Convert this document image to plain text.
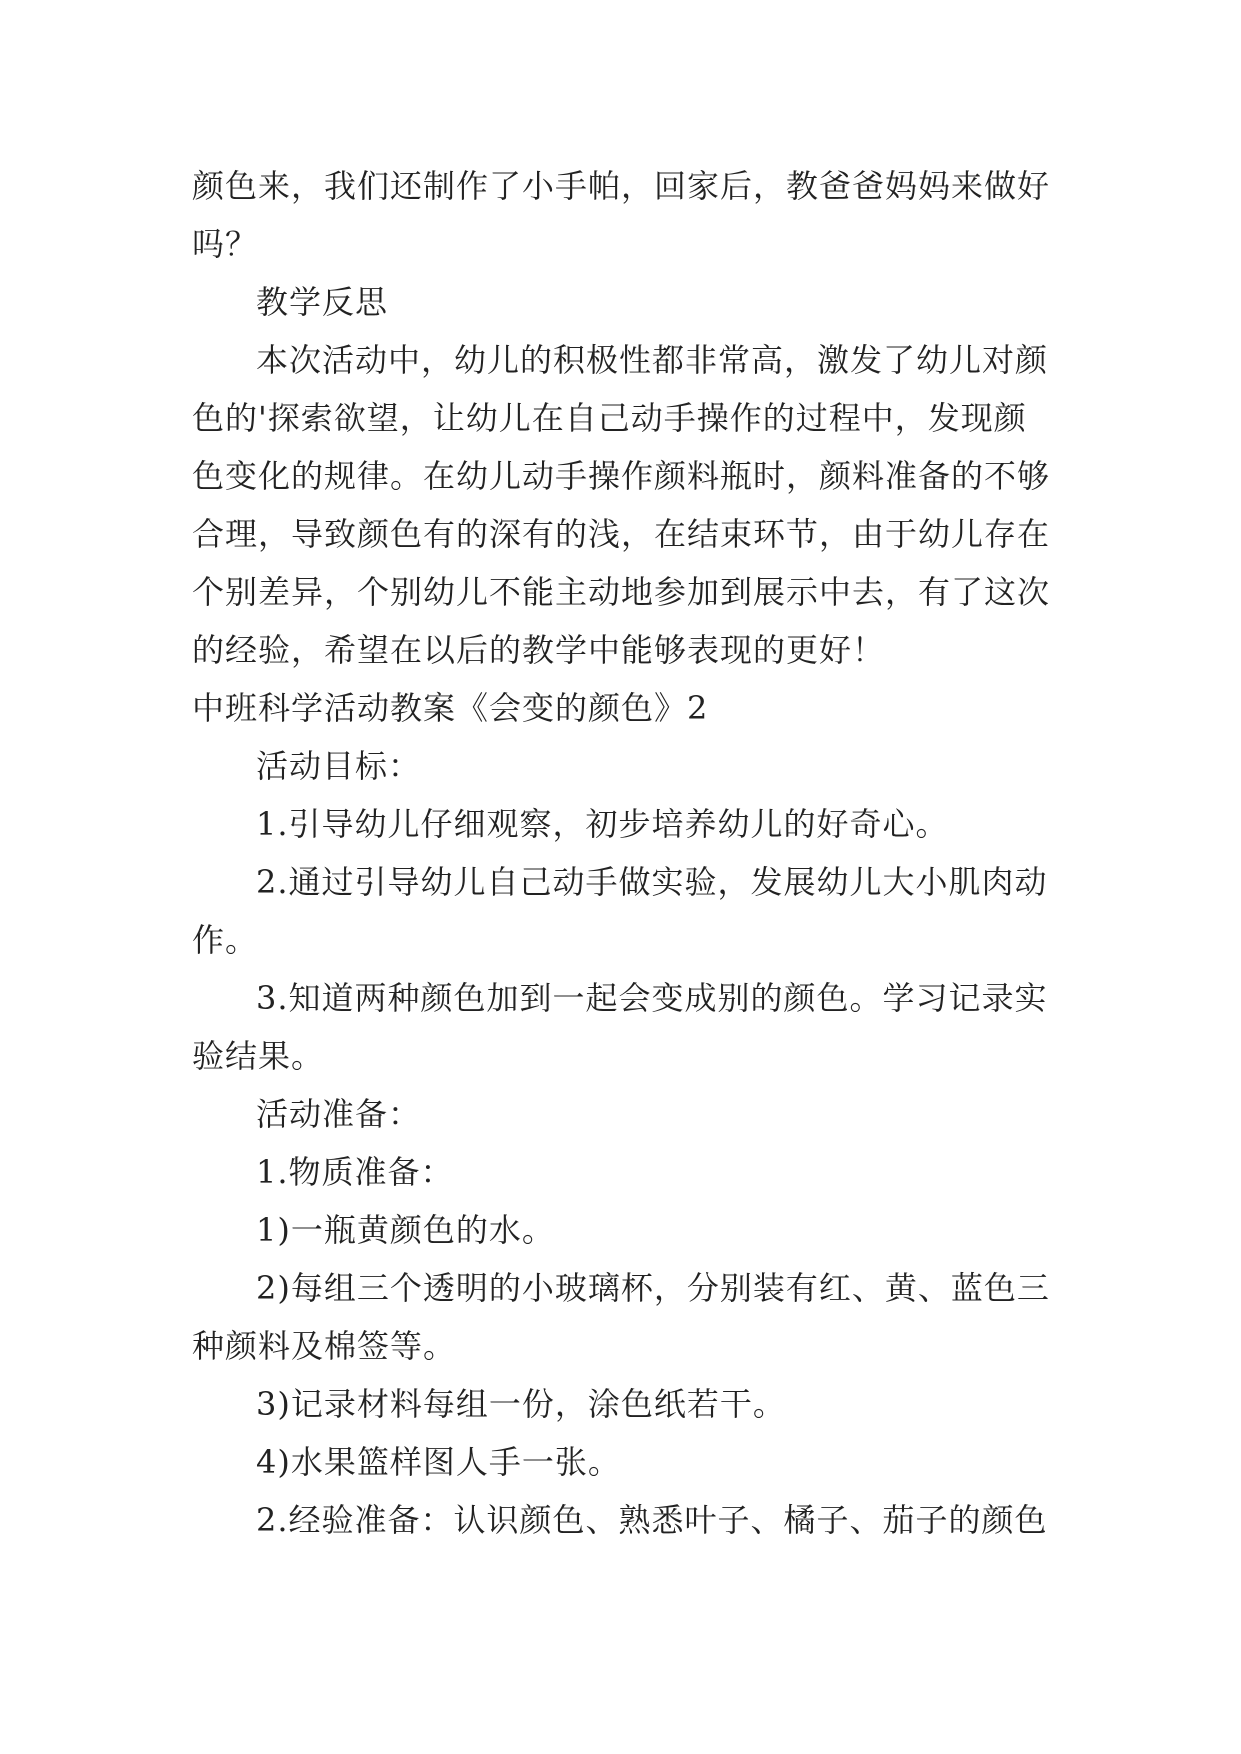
颜色来，我们还制作了小手帕，回家后，教爸爸妈妈来做好
吗？
教学反思
本次活动中，幼儿的积极性都非常高，激发了幼儿对颜
色的'探索欲望，让幼儿在自己动手操作的过程中，发现颜
色变化的规律。在幼儿动手操作颜料瓶时，颜料准备的不够
合理，导致颜色有的深有的浅，在结束环节，由于幼儿存在
个别差异，个别幼儿不能主动地参加到展示中去，有了这次
的经验，希望在以后的教学中能够表现的更好！
中班科学活动教案《会变的颜色》2
活动目标：
1.引导幼儿仔细观察，初步培养幼儿的好奇心。
2.通过引导幼儿自己动手做实验，发展幼儿大小肌肉动
作。
3.知道两种颜色加到一起会变成别的颜色。学习记录实
验结果。
活动准备：
1.物质准备：
1)一瓶黄颜色的水。
2)每组三个透明的小玻璃杯，分别装有红、黄、蓝色三
种颜料及棉签等。
3)记录材料每组一份，涂色纸若干。
4)水果篮样图人手一张。
2.经验准备：认识颜色、熟悉叶子、橘子、茄子的颜色
